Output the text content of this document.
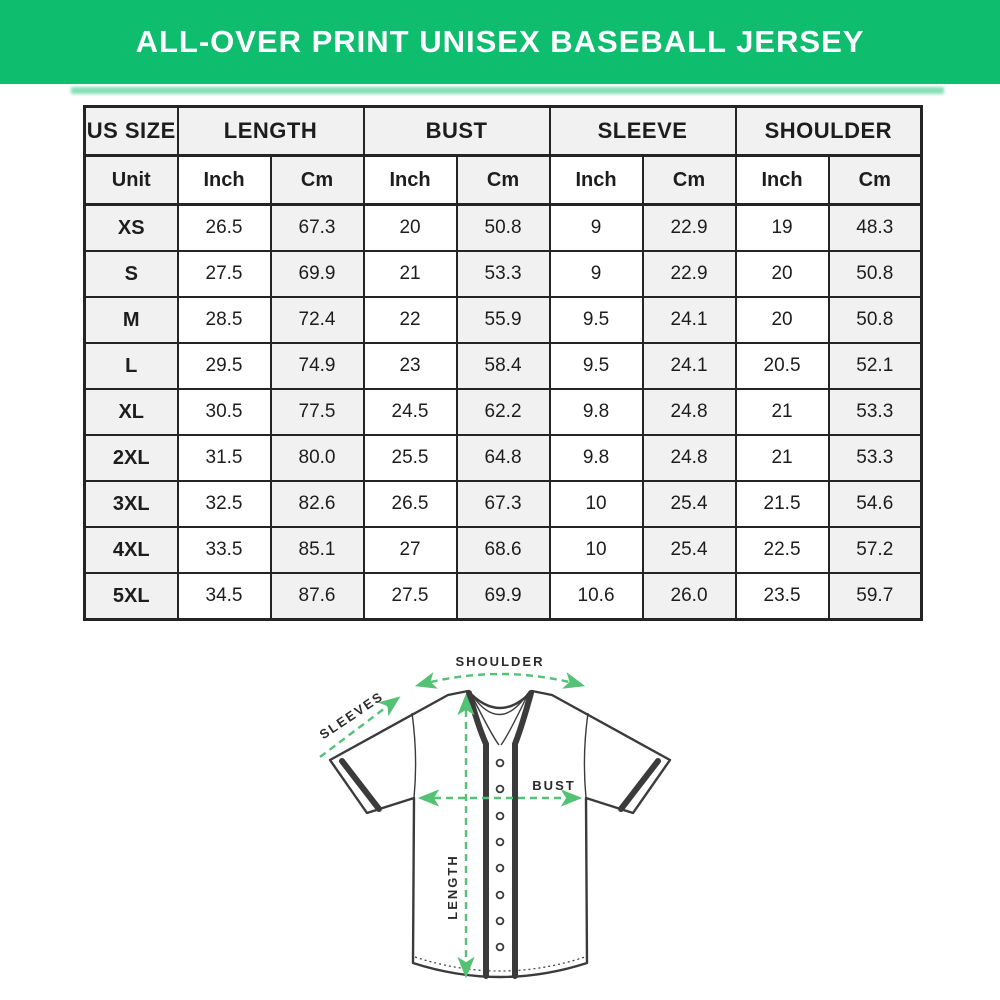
ALL-OVER PRINT UNISEX BASEBALL JERSEY
US SIZE	LENGTH		BUST		SLEEVE		SHOULDER	
Unit	Inch	Cm	Inch	Cm	Inch	Cm	Inch	Cm
XS	26.5	67.3	20	50.8	9	22.9	19	48.3
S	27.5	69.9	21	53.3	9	22.9	20	50.8
M	28.5	72.4	22	55.9	9.5	24.1	20	50.8
L	29.5	74.9	23	58.4	9.5	24.1	20.5	52.1
XL	30.5	77.5	24.5	62.2	9.8	24.8	21	53.3
2XL	31.5	80.0	25.5	64.8	9.8	24.8	21	53.3
3XL	32.5	82.6	26.5	67.3	10	25.4	21.5	54.6
4XL	33.5	85.1	27	68.6	10	25.4	22.5	57.2
5XL	34.5	87.6	27.5	69.9	10.6	26.0	23.5	59.7
SHOULDER
SLEEVES
BUST
LENGTH
